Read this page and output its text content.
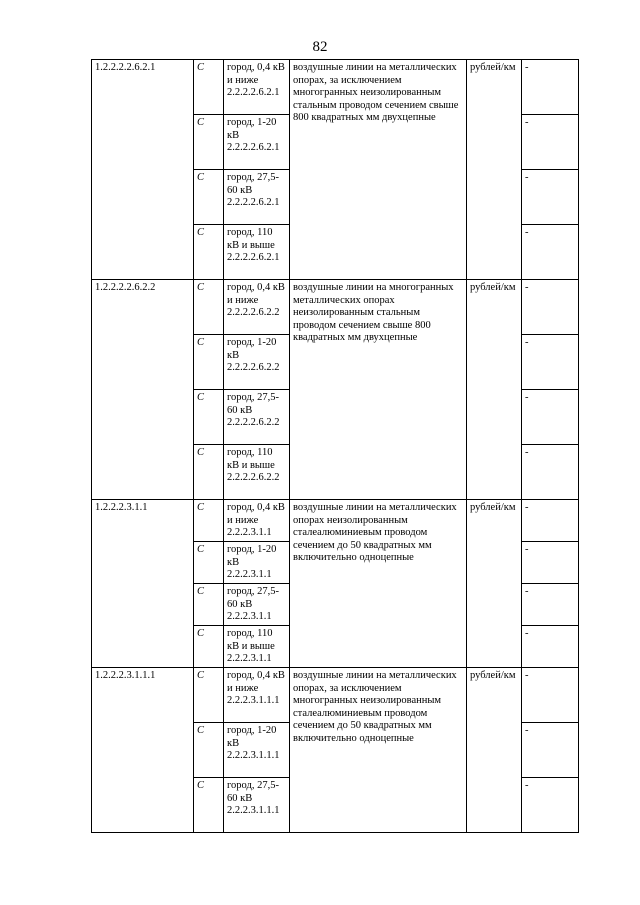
82
1.2.2.2.2.6.2.1	С	город, 0,4 кВ и ниже 2.2.2.2.6.2.1	воздушные линии на металлических опорах, за исключением многогранных неизолированным стальным проводом сечением свыше 800 квадратных мм двухцепные	рублей/км	-
	С	город, 1-20 кВ 2.2.2.2.6.2.1			-
	С	город, 27,5-60 кВ 2.2.2.2.6.2.1			-
	С	город, 110 кВ и выше 2.2.2.2.6.2.1			-
1.2.2.2.2.6.2.2	С	город, 0,4 кВ и ниже 2.2.2.2.6.2.2	воздушные линии на многогранных металлических опорах неизолированным стальным проводом сечением свыше 800 квадратных мм двухцепные	рублей/км	-
	С	город, 1-20 кВ 2.2.2.2.6.2.2			-
	С	город, 27,5-60 кВ 2.2.2.2.6.2.2			-
	С	город, 110 кВ и выше 2.2.2.2.6.2.2			-
1.2.2.2.3.1.1	С	город, 0,4 кВ и ниже 2.2.2.3.1.1	воздушные линии на металлических опорах неизолированным сталеалюминиевым проводом сечением до 50 квадратных мм включительно одноцепные	рублей/км	-
	С	город, 1-20 кВ 2.2.2.3.1.1			-
	С	город, 27,5-60 кВ 2.2.2.3.1.1			-
	С	город, 110 кВ и выше 2.2.2.3.1.1			-
1.2.2.2.3.1.1.1	С	город, 0,4 кВ и ниже 2.2.2.3.1.1.1	воздушные линии на металлических опорах, за исключением многогранных неизолированным сталеалюминиевым проводом сечением до 50 квадратных мм включительно одноцепные	рублей/км	-
	С	город, 1-20 кВ 2.2.2.3.1.1.1			-
	С	город, 27,5-60 кВ 2.2.2.3.1.1.1			-
